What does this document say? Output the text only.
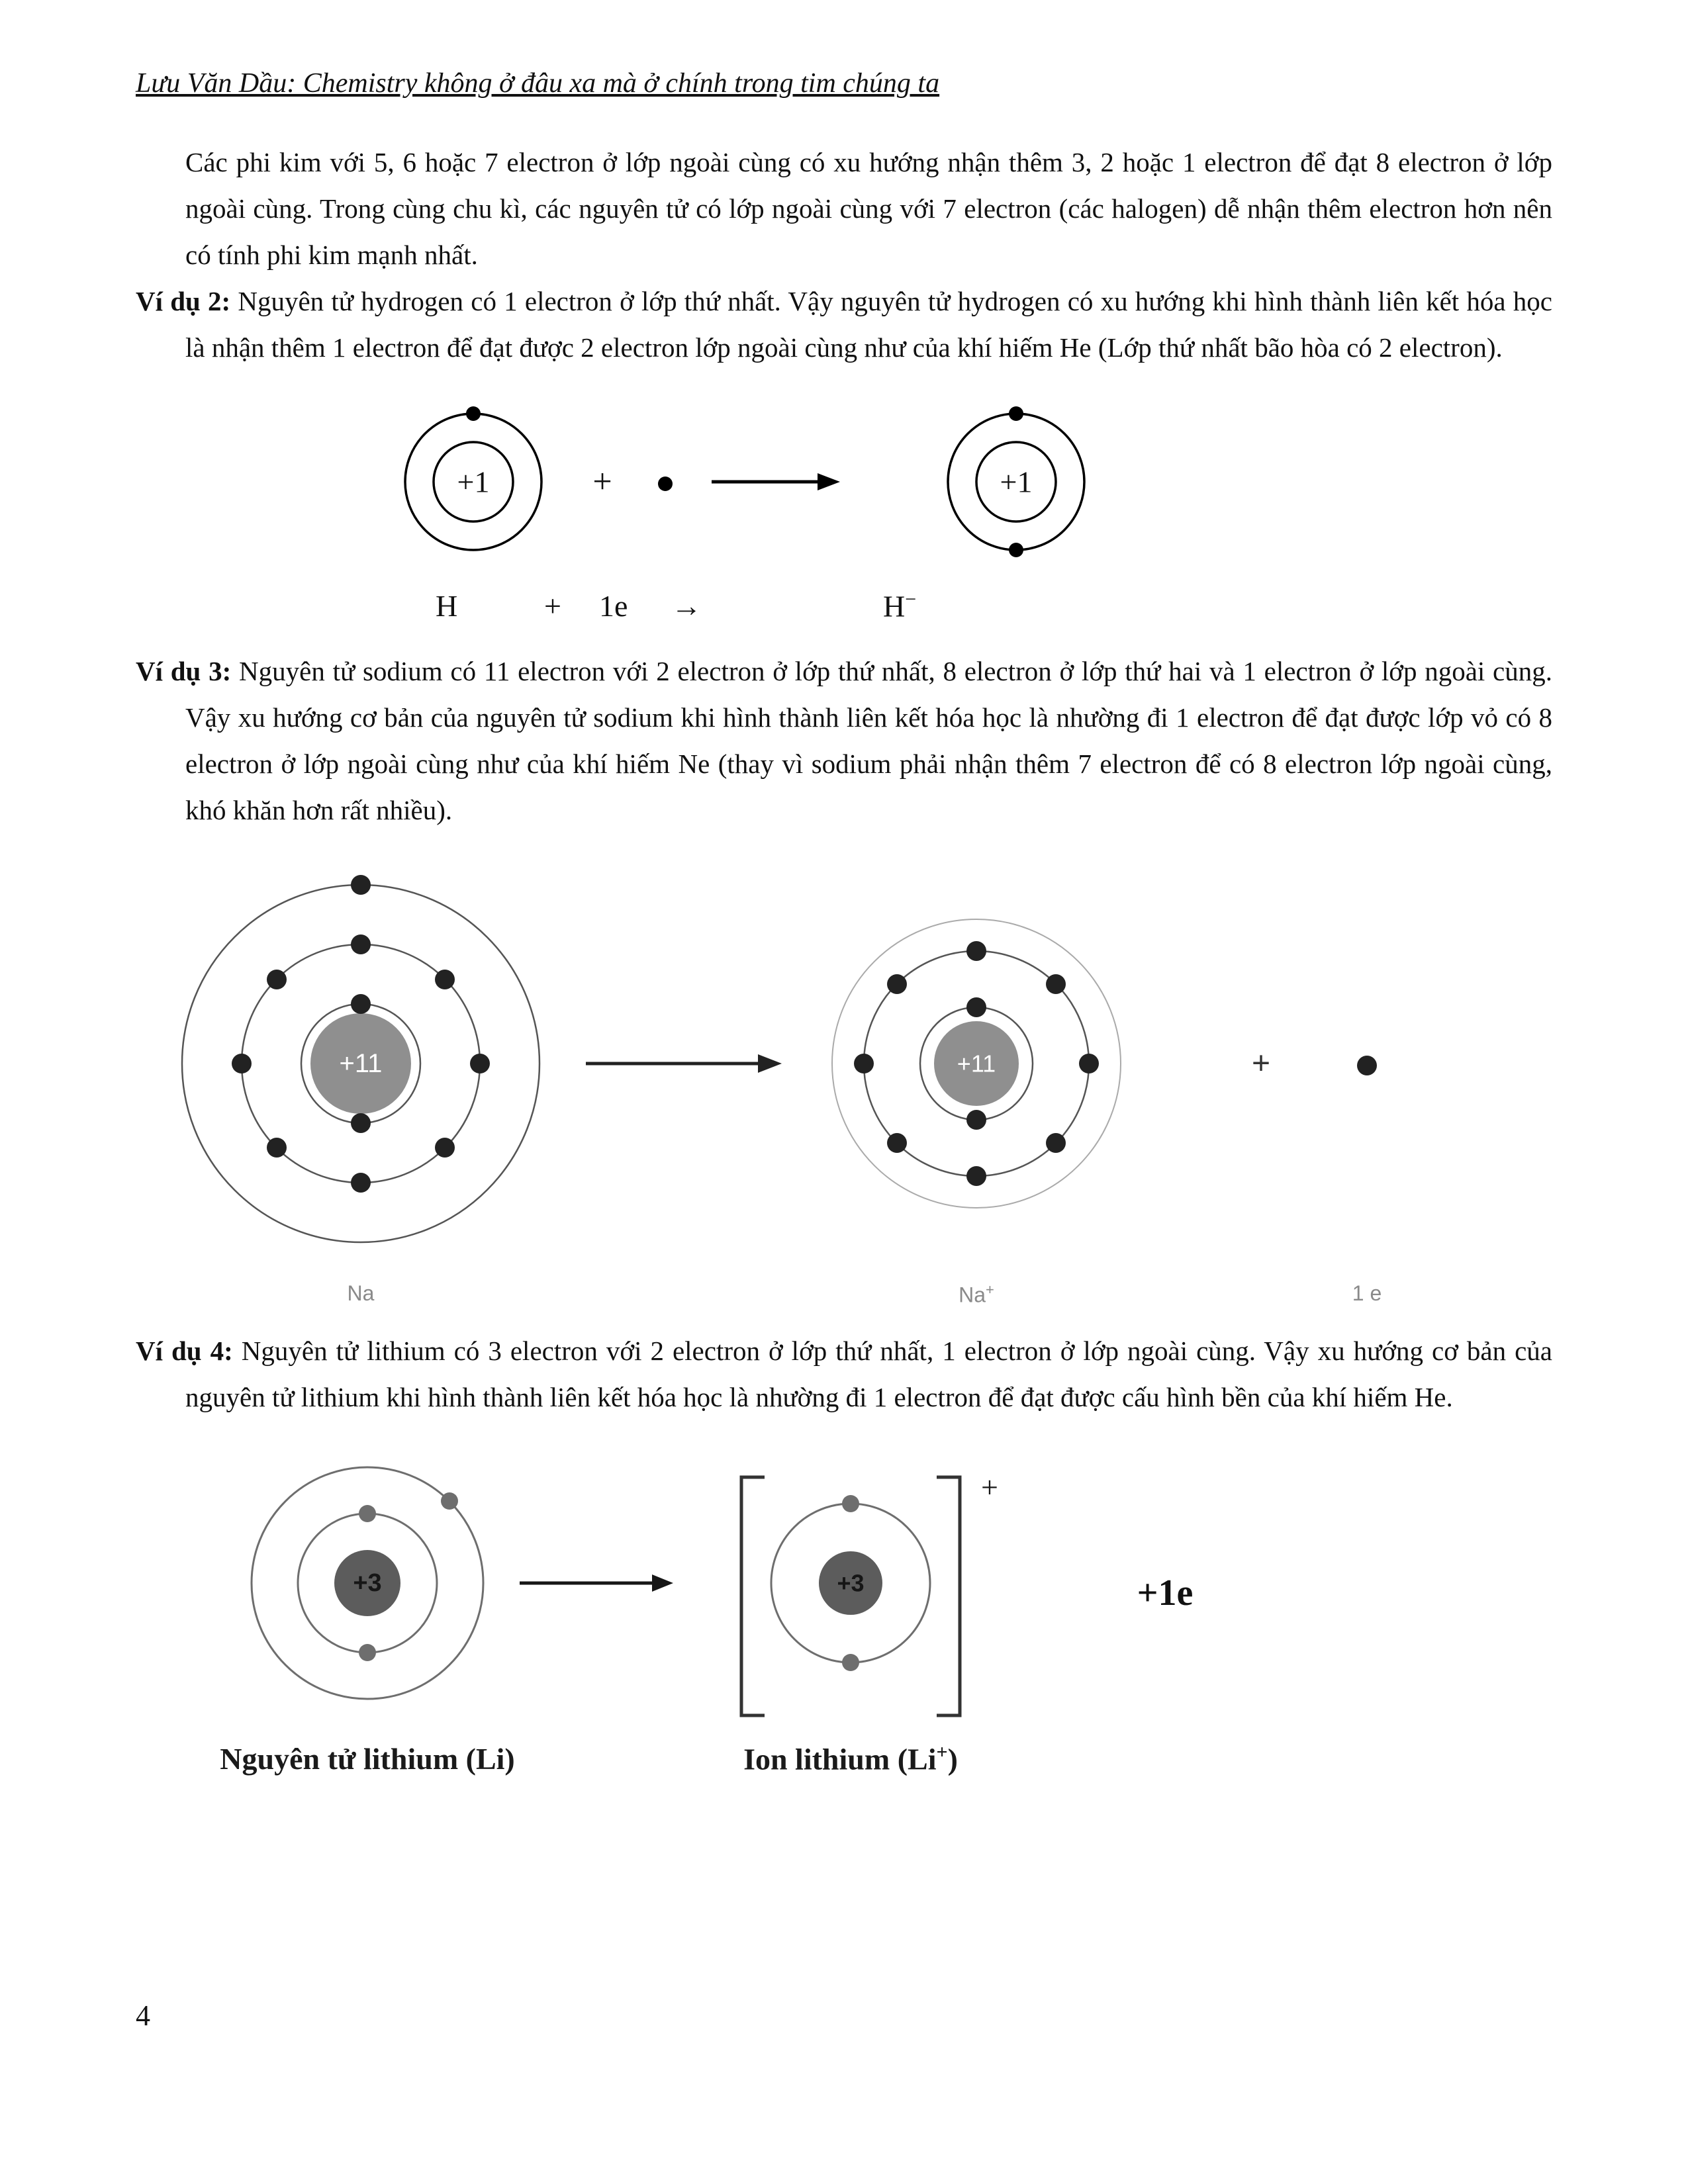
Lưu Văn Dầu: Chemistry không ở đâu xa mà ở chính trong tim chúng ta

Các phi kim với 5, 6 hoặc 7 electron ở lớp ngoài cùng có xu hướng nhận thêm 3, 2 hoặc 1 electron để đạt 8 electron ở lớp ngoài cùng. Trong cùng chu kì, các nguyên tử có lớp ngoài cùng với 7 electron (các halogen) dễ nhận thêm electron hơn nên có tính phi kim mạnh nhất.

Ví dụ 2: Nguyên tử hydrogen có 1 electron ở lớp thứ nhất. Vậy nguyên tử hydrogen có xu hướng khi hình thành liên kết hóa học là nhận thêm 1 electron để đạt được 2 electron lớp ngoài cùng như của khí hiếm He (Lớp thứ nhất bão hòa có 2 electron).

+1	+	+1
H	+ 1e →	H−

Ví dụ 3: Nguyên tử sodium có 11 electron với 2 electron ở lớp thứ nhất, 8 electron ở lớp thứ hai và 1 electron ở lớp ngoài cùng. Vậy xu hướng cơ bản của nguyên tử sodium khi hình thành liên kết hóa học là nhường đi 1 electron để đạt được lớp vỏ có 8 electron ở lớp ngoài cùng như của khí hiếm Ne (thay vì sodium phải nhận thêm 7 electron để có 8 electron lớp ngoài cùng, khó khăn hơn rất nhiều).

+11	+11	+
Na	Na+	1 e

Ví dụ 4: Nguyên tử lithium có 3 electron với 2 electron ở lớp thứ nhất, 1 electron ở lớp ngoài cùng. Vậy xu hướng cơ bản của nguyên tử lithium khi hình thành liên kết hóa học là nhường đi 1 electron để đạt được cấu hình bền của khí hiếm He.

+3	+3
+
+1e
Nguyên tử lithium (Li)	Ion lithium (Li+)
4
